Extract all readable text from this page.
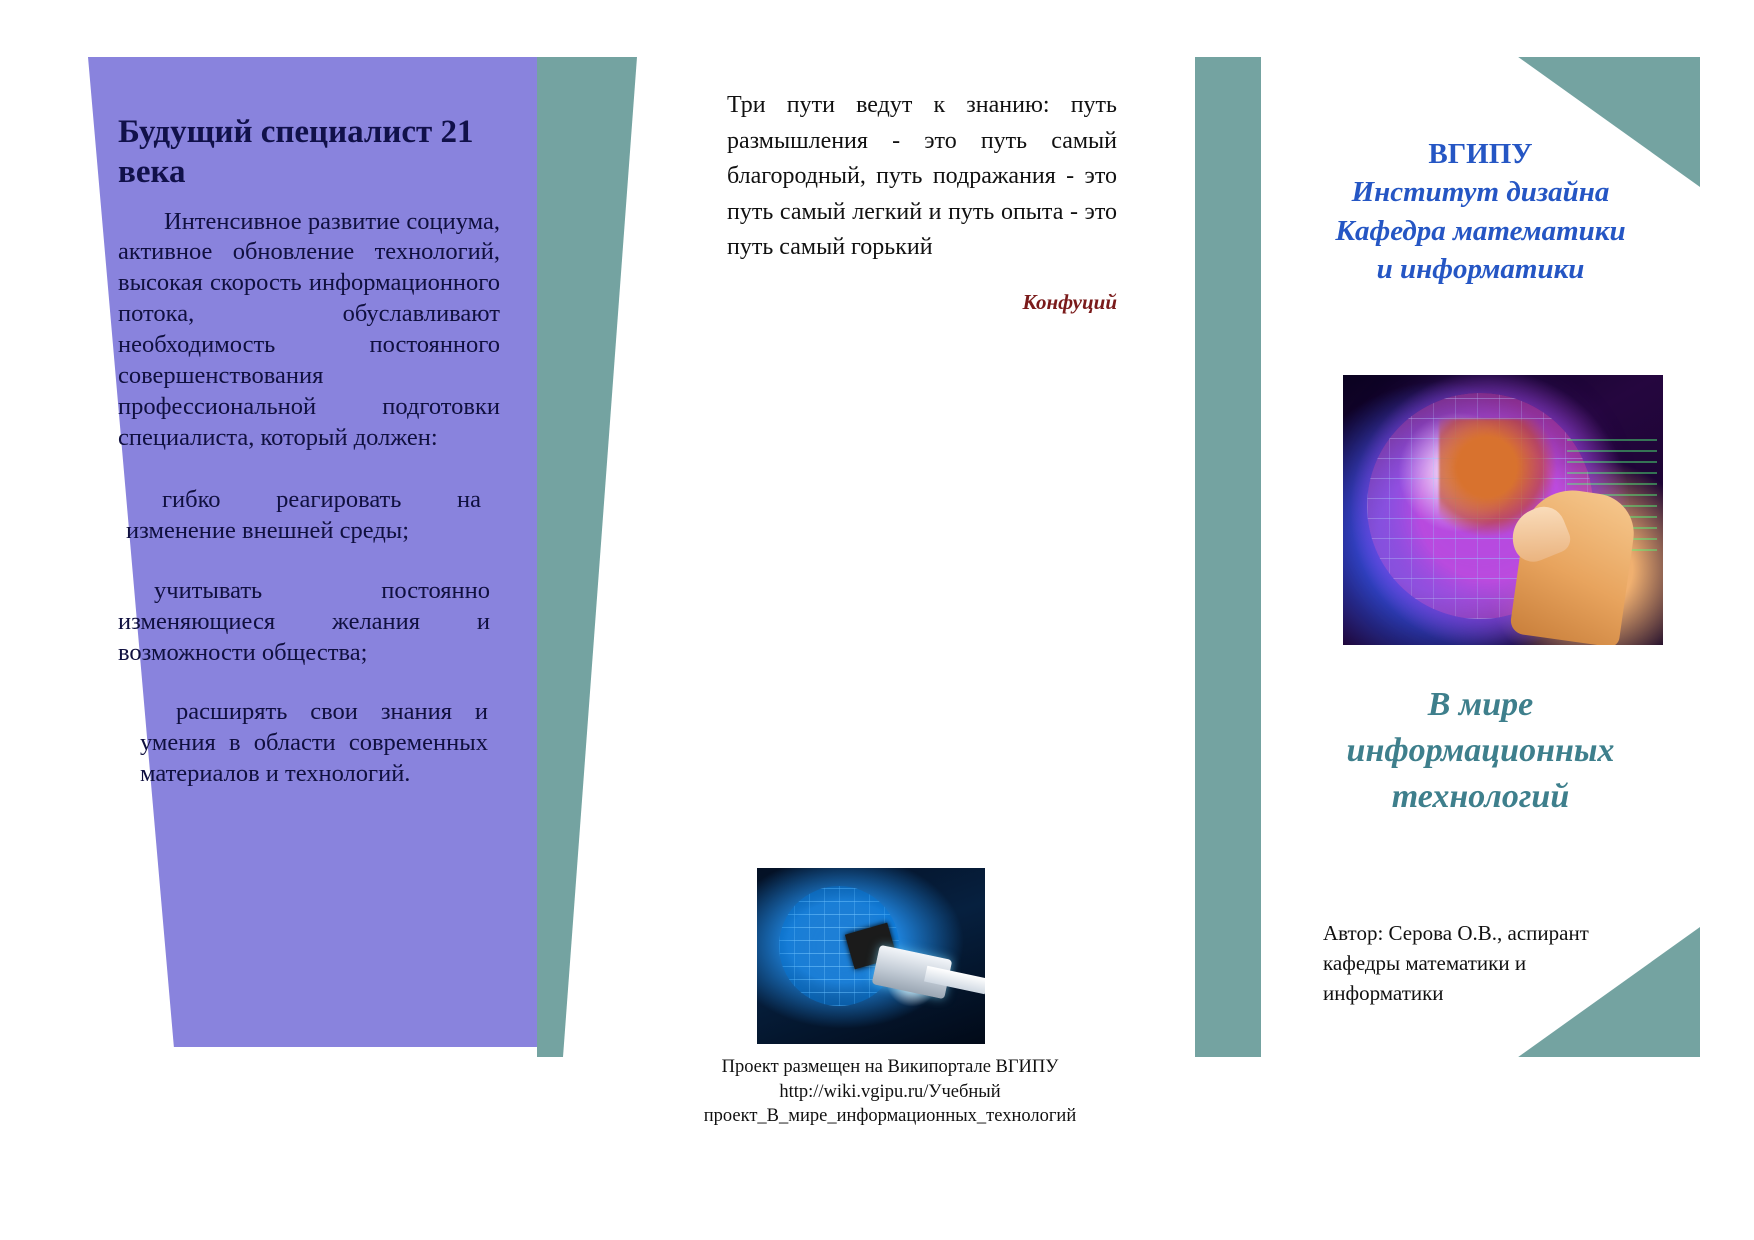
Будущий специалист 21 века

Интенсивное развитие социума, активное обновление технологий, высокая скорость информационного потока, обуславливают необходимость постоянного совершенствования профессиональной подготовки специалиста, который должен:

гибко реагировать на изменение внешней среды;
учитывать постоянно изменяющиеся желания и возможности общества;
расширять свои знания и умения в области современных материалов и технологий.

Три пути ведут к знанию: путь размышления - это путь самый благородный, путь подражания - это путь самый легкий и путь опыта - это путь самый горький

Конфуций

Проект размещен на Википортале ВГИПУ
http://wiki.vgipu.ru/Учебный
проект_В_мире_информационных_технологий
ВГИПУ
Институт дизайна
Кафедра математики
и информатики
В мире
информационных
технологий
Автор: Серова О.В., аспирант
кафедры математики и
информатики
